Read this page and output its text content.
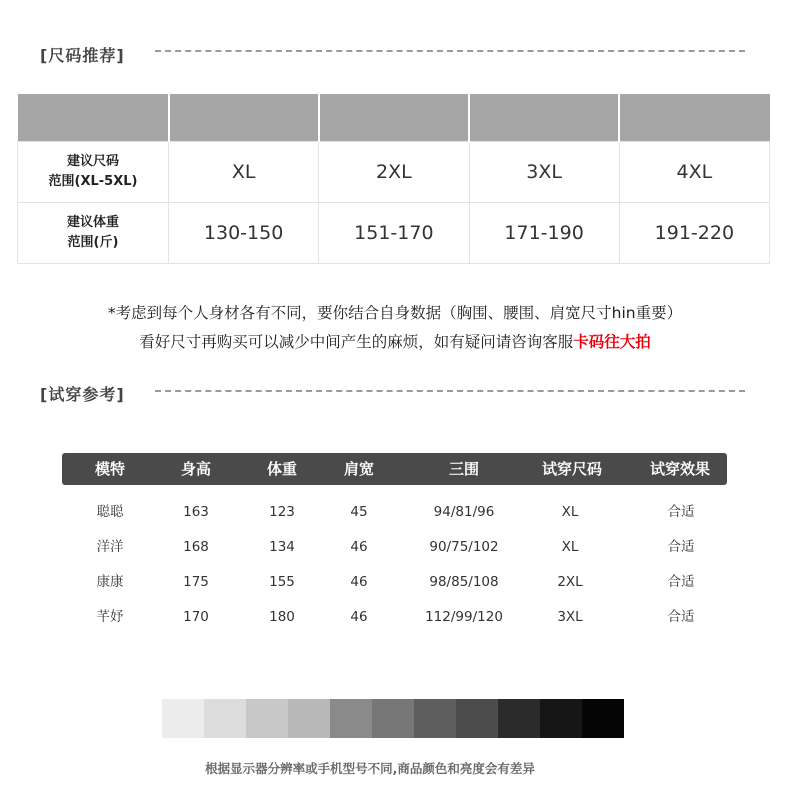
[尺码推荐]

建议尺码
范围(XL-5XL)	XL	2XL	3XL	4XL

建议体重
范围(斤)	130-150	151-170	171-190	191-220
*考虑到每个人身材各有不同，要你结合自身数据（胸围、腰围、肩宽尺寸hin重要）
看好尺寸再购买可以减少中间产生的麻烦，如有疑问请咨询客服卡码往大拍
[试穿参考]
模特	身高	体重	肩宽	三围	试穿尺码	试穿效果
聪聪	163	123	45	94/81/96	XL	合适
洋洋	168	134	46	90/75/102	XL	合适
康康	175	155	46	98/85/108	2XL	合适
芊妤	170	180	46	112/99/120	3XL	合适
根据显示器分辨率或手机型号不同,商品颜色和亮度会有差异
